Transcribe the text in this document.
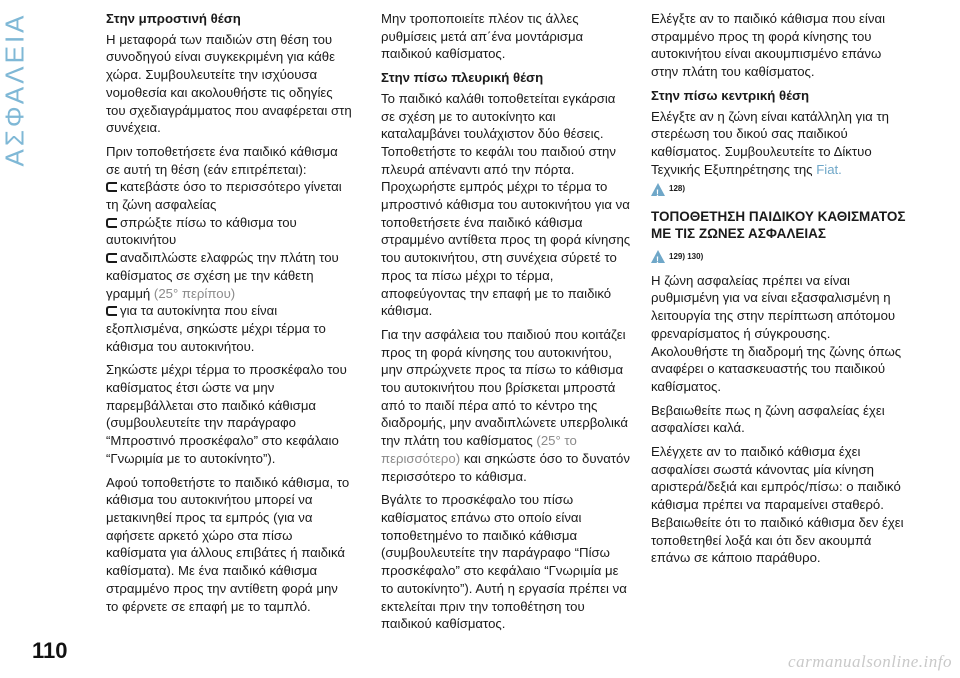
ΑΣΦΑΛΕΙΑ	Στην μπροστινή θέση

Η μεταφορά των παιδιών στη θέση του συνοδηγού είναι συγκεκριμένη για κάθε χώρα. Συμβουλευτείτε την ισχύουσα νομοθεσία και ακολουθήστε τις οδηγίες του σχεδιαγράμματος που αναφέρεται στη συνέχεια.

Πριν τοποθετήσετε ένα παιδικό κάθισμα σε αυτή τη θέση (εάν επιτρέπεται):

κατεβάστε όσο το περισσότερο γίνεται τη ζώνη ασφαλείας
σπρώξτε πίσω το κάθισμα του αυτοκινήτου
αναδιπλώστε ελαφρώς την πλάτη του καθίσματος σε σχέση με την κάθετη γραμμή (25° περίπου)
για τα αυτοκίνητα που είναι εξοπλισμένα, σηκώστε μέχρι τέρμα το κάθισμα του αυτοκινήτου.

Σηκώστε μέχρι τέρμα το προσκέφαλο του καθίσματος έτσι ώστε να μην παρεμβάλλεται στο παιδικό κάθισμα (συμβουλευτείτε την παράγραφο “Μπροστινό προσκέφαλο” στο κεφάλαιο “Γνωριμία με το αυτοκίνητο”).

Αφού τοποθετήστε το παιδικό κάθισμα, το κάθισμα του αυτοκινήτου μπορεί να μετακινηθεί προς τα εμπρός (για να αφήσετε αρκετό χώρο στα πίσω καθίσματα για άλλους επιβάτες ή παιδικά καθίσματα). Με ένα παιδικό κάθισμα στραμμένο προς την αντίθετη φορά μην το φέρνετε σε επαφή με το ταμπλό.

Μην τροποποιείτε πλέον τις άλλες ρυθμίσεις μετά απ΄ένα μοντάρισμα παιδικού καθίσματος.

Στην πίσω πλευρική θέση

Το παιδικό καλάθι τοποθετείται εγκάρσια σε σχέση με το αυτοκίνητο και καταλαμβάνει τουλάχιστον δύο θέσεις. Τοποθετήστε το κεφάλι του παιδιού στην πλευρά απέναντι από την πόρτα. Προχωρήστε εμπρός μέχρι το τέρμα το μπροστινό κάθισμα του αυτοκινήτου για να τοποθετήσετε ένα παιδικό κάθισμα στραμμένο αντίθετα προς τη φορά κίνησης του αυτοκινήτου, στη συνέχεια σύρετέ το προς τα πίσω μέχρι το τέρμα, αποφεύγοντας την επαφή με το παιδικό κάθισμα.

Για την ασφάλεια του παιδιού που κοιτάζει προς τη φορά κίνησης του αυτοκινήτου, μην σπρώχνετε προς τα πίσω το κάθισμα του αυτοκινήτου που βρίσκεται μπροστά από το παιδί πέρα από το κέντρο της διαδρομής, μην αναδιπλώνετε υπερβολικά την πλάτη του καθίσματος (25° το περισσότερο) και σηκώστε όσο το δυνατόν περισσότερο το κάθισμα.

Βγάλτε το προσκέφαλο του πίσω καθίσματος επάνω στο οποίο είναι τοποθετημένο το παιδικό κάθισμα (συμβουλευτείτε την παράγραφο “Πίσω προσκέφαλο” στο κεφάλαιο “Γνωριμία με το αυτοκίνητο”). Αυτή η εργασία πρέπει να εκτελείται πριν την τοποθέτηση του παιδικού καθίσματος.

Ελέγξτε αν το παιδικό κάθισμα που είναι στραμμένο προς τη φορά κίνησης του αυτοκινήτου είναι ακουμπισμένο επάνω στην πλάτη του καθίσματος.

Στην πίσω κεντρική θέση

Ελέγξτε αν η ζώνη είναι κατάλληλη για τη στερέωση του δικού σας παιδικού καθίσματος. Συμβουλευτείτε το Δίκτυο Τεχνικής Εξυπηρέτησης της Fiat.

!
128)
ΤΟΠΟΘΕΤΗΣΗ ΠΑΙΔΙΚΟΥ ΚΑΘΙΣΜΑΤΟΣ ΜΕ ΤΙΣ ΖΩΝΕΣ ΑΣΦΑΛΕΙΑΣ
!
129) 130)

Η ζώνη ασφαλείας πρέπει να είναι ρυθμισμένη για να είναι εξασφαλισμένη η λειτουργία της στην περίπτωση απότομου φρεναρίσματος ή σύγκρουσης. Ακολουθήστε τη διαδρομή της ζώνης όπως αναφέρει ο κατασκευαστής του παιδικού καθίσματος.

Βεβαιωθείτε πως η ζώνη ασφαλείας έχει ασφαλίσει καλά.

Ελέγχετε αν το παιδικό κάθισμα έχει ασφαλίσει σωστά κάνοντας μία κίνηση αριστερά/δεξιά και εμπρός/πίσω: ο παιδικό κάθισμα πρέπει να παραμείνει σταθερό. Βεβαιωθείτε ότι το παιδικό κάθισμα δεν έχει τοποθετηθεί λοξά και ότι δεν ακουμπά επάνω σε κάποιο παράθυρο.

110	carmanualsonline.info
